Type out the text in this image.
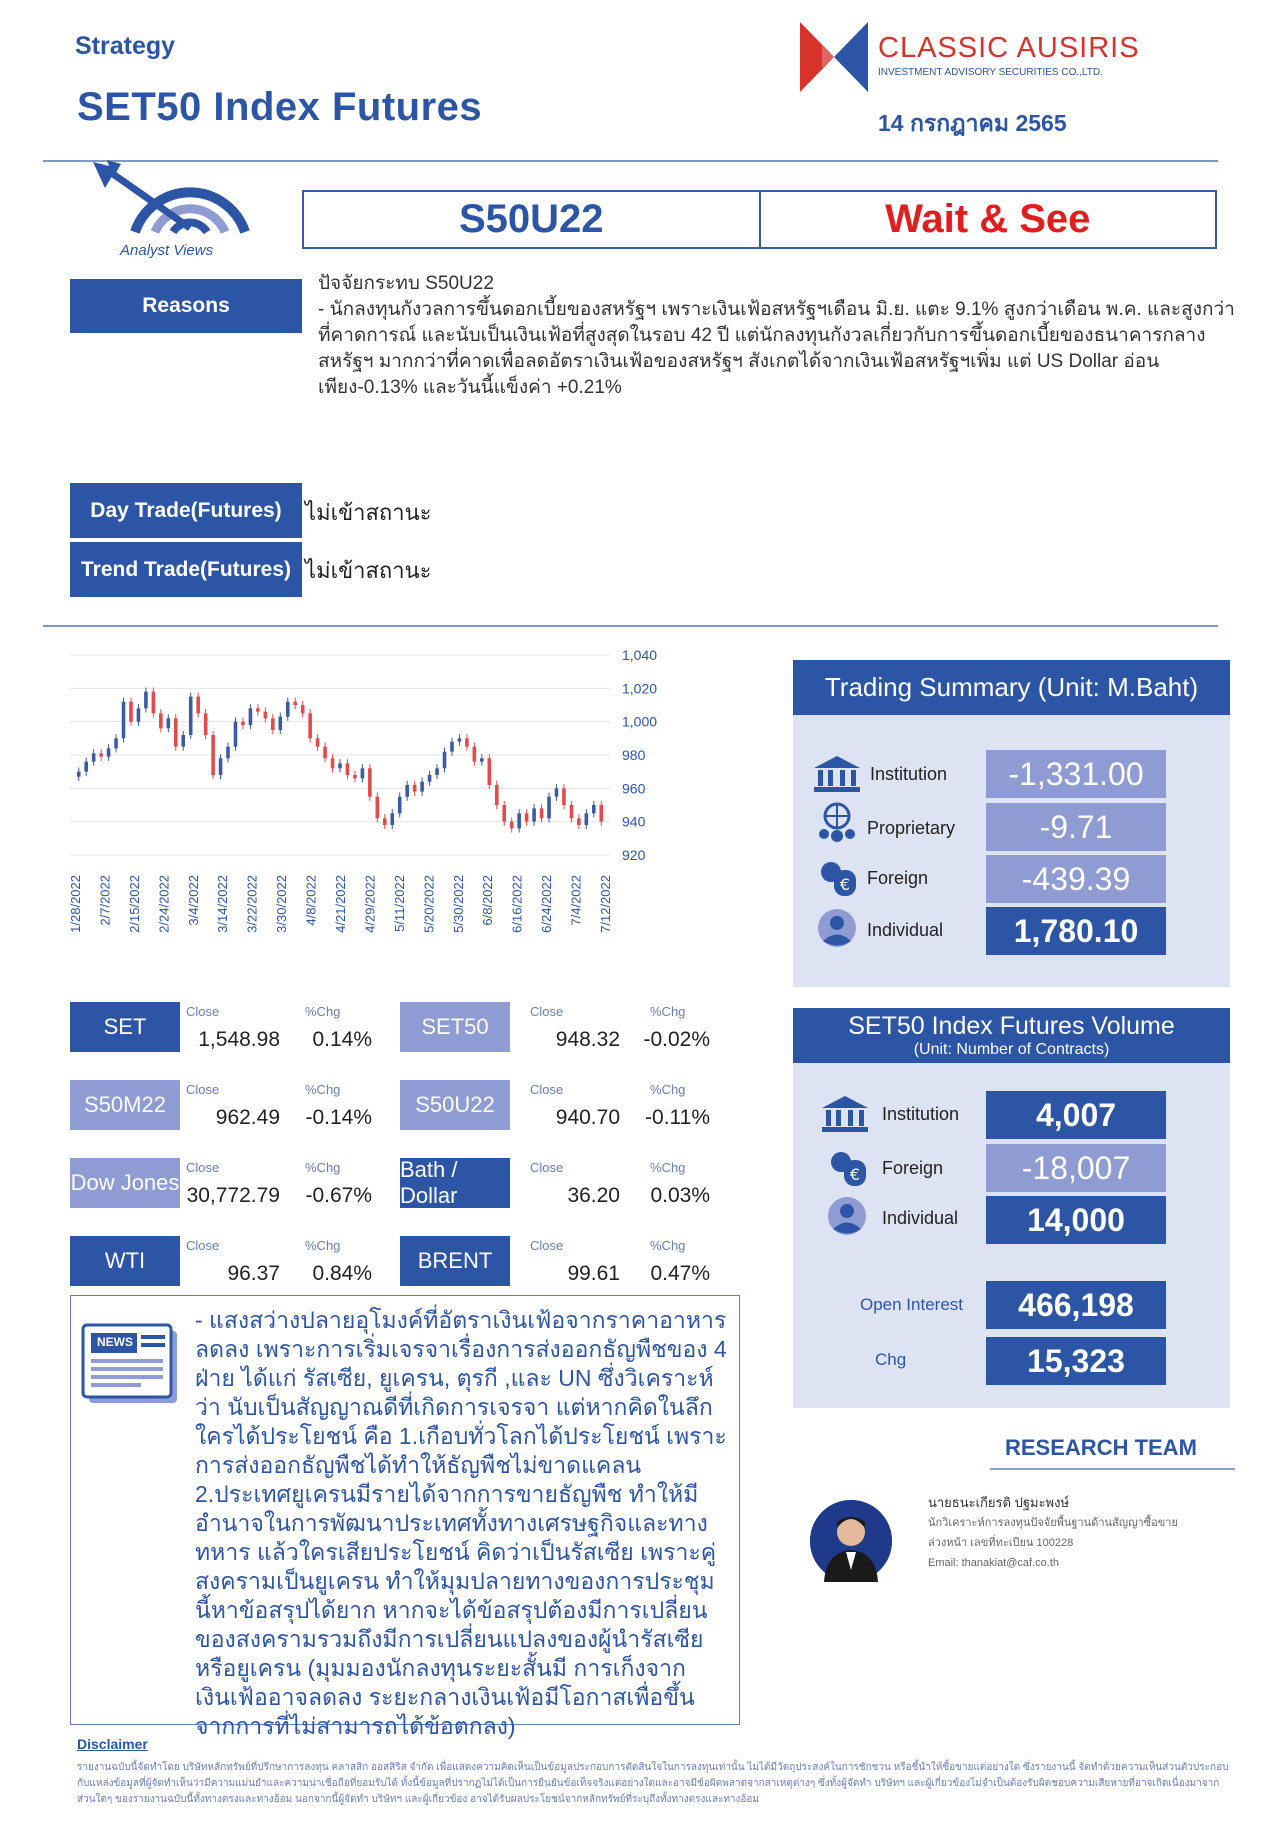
Strategy
SET50 Index Futures
CLASSIC AUSIRIS
INVESTMENT ADVISORY SECURITIES CO.,LTD.
14 กรกฎาคม 2565
Analyst Views
S50U22	Wait & See
Reasons
ปัจจัยกระทบ S50U22
- นักลงทุนกังวลการขึ้นดอกเบี้ยของสหรัฐฯ เพราะเงินเฟ้อสหรัฐฯเดือน มิ.ย. แตะ 9.1% สูงกว่าเดือน พ.ค. และสูงกว่าที่คาดการณ์ และนับเป็นเงินเฟ้อที่สูงสุดในรอบ 42 ปี แต่นักลงทุนกังวลเกี่ยวกับการขึ้นดอกเบี้ยของธนาคารกลางสหรัฐฯ มากกว่าที่คาดเพื่อลดอัตราเงินเฟ้อของสหรัฐฯ สังเกตได้จากเงินเฟ้อสหรัฐฯเพิ่ม แต่ US Dollar อ่อนเพียง-0.13% และวันนี้แข็งค่า +0.21%
Day Trade(Futures)	ไม่เข้าสถานะ
Trend Trade(Futures) ไม่เข้าสถานะ
1,040
1,020
1,000
980
960
940
920
1/28/2022 2/7/2022 2/15/2022 2/24/2022 3/4/2022 3/14/2022 3/22/2022 3/30/2022 4/8/2022 4/21/2022 4/29/2022 5/11/2022 5/20/2022 5/30/2022 6/8/2022 6/16/2022 6/24/2022 7/4/2022 7/12/2022
SET
Close	%Chg
1,548.98 0.14%
SET50
Close	%Chg
948.32 -0.02%
S50M22
Close	%Chg
962.49 -0.14%
S50U22
Close	%Chg
940.70 -0.11%
Dow Jones
Close	%Chg
30,772.79 -0.67%
Bath / Dollar
Close	%Chg
36.20 0.03%
WTI
Close	%Chg
96.37 0.84%
BRENT
Close	%Chg
99.61 0.47%
NEWS
- แสงสว่างปลายอุโมงค์ที่อัตราเงินเฟ้อจากราคาอาหารลดลง เพราะการเริ่มเจรจาเรื่องการส่งออกธัญพืชของ 4 ฝ่าย ได้แก่ รัสเซีย, ยูเครน, ตุรกี ,และ UN ซึ่งวิเคราะห์ว่า นับเป็นสัญญาณดีที่เกิดการเจรจา แต่หากคิดในลึกใครได้ประโยชน์ คือ 1.เกือบทั่วโลกได้ประโยชน์ เพราะการส่งออกธัญพืชได้ทำให้ธัญพืชไม่ขาดแคลน 2.ประเทศยูเครนมีรายได้จากการขายธัญพืช ทำให้มีอำนาจในการพัฒนาประเทศทั้งทางเศรษฐกิจและทางทหาร แล้วใครเสียประโยชน์ คิดว่าเป็นรัสเซีย เพราะคู่สงครามเป็นยูเครน ทำให้มุมปลายทางของการประชุมนี้หาข้อสรุปได้ยาก หากจะได้ข้อสรุปต้องมีการเปลี่ยนของสงครามรวมถึงมีการเปลี่ยนแปลงของผู้นำรัสเซียหรือยูเครน (มุมมองนักลงทุนระยะสั้นมี การเก็งจากเงินเฟ้ออาจลดลง ระยะกลางเงินเฟ้อมีโอกาสเพื่อขึ้นจากการที่ไม่สามารถได้ข้อตกลง)
Trading Summary (Unit: M.Baht)
Institution	-1,331.00
Proprietary	-9.71
€ Foreign	-439.39
Individual	1,780.10
SET50 Index Futures Volume
(Unit: Number of Contracts)
Institution	4,007
€ Foreign	-18,007
Individual	14,000
Open Interest	466,198
Chg	15,323
RESEARCH TEAM
นายธนะเกียรติ ปฐมะพงษ์
นักวิเคราะห์การลงทุนปัจจัยพื้นฐานด้านสัญญาซื้อขาย
ล่วงหน้า เลขที่ทะเบียน 100228
Email: thanakiat@caf.co.th
Disclaimer
รายงานฉบับนี้จัดทำโดย บริษัทหลักทรัพย์ที่ปรึกษาการลงทุน คลาสสิก ออสสิริส จำกัด เพื่อแสดงความคิดเห็นเป็นข้อมูลประกอบการตัดสินใจในการลงทุนเท่านั้น ไม่ได้มีวัตถุประสงค์ในการชักชวน หรือชี้นำให้ซื้อขายแต่อย่างใด ซึ่งรายงานนี้ จัดทำด้วยความเห็นส่วนตัวประกอบกับแหล่งข้อมูลที่ผู้จัดทำเห็นว่ามีความแม่นยำและความน่าเชื่อถือที่ยอมรับได้ ทั้งนี้ข้อมูลที่ปรากฏไม่ได้เป็นการยืนยันข้อเท็จจริงแต่อย่างใดและอาจมีข้อผิดพลาดจากสาเหตุต่างๆ ซึ่งทั้งผู้จัดทำ บริษัทฯ และผู้เกี่ยวข้องไม่จำเป็นต้องรับผิดชอบความเสียหายที่อาจเกิดเนื่องมาจากส่วนใดๆ ของรายงานฉบับนี้ทั้งทางตรงและทางอ้อม นอกจากนี้ผู้จัดทำ บริษัทฯ และผู้เกี่ยวข้อง อาจได้รับผลประโยชน์จากหลักทรัพย์ที่ระบุถึงทั้งทางตรงและทางอ้อม
